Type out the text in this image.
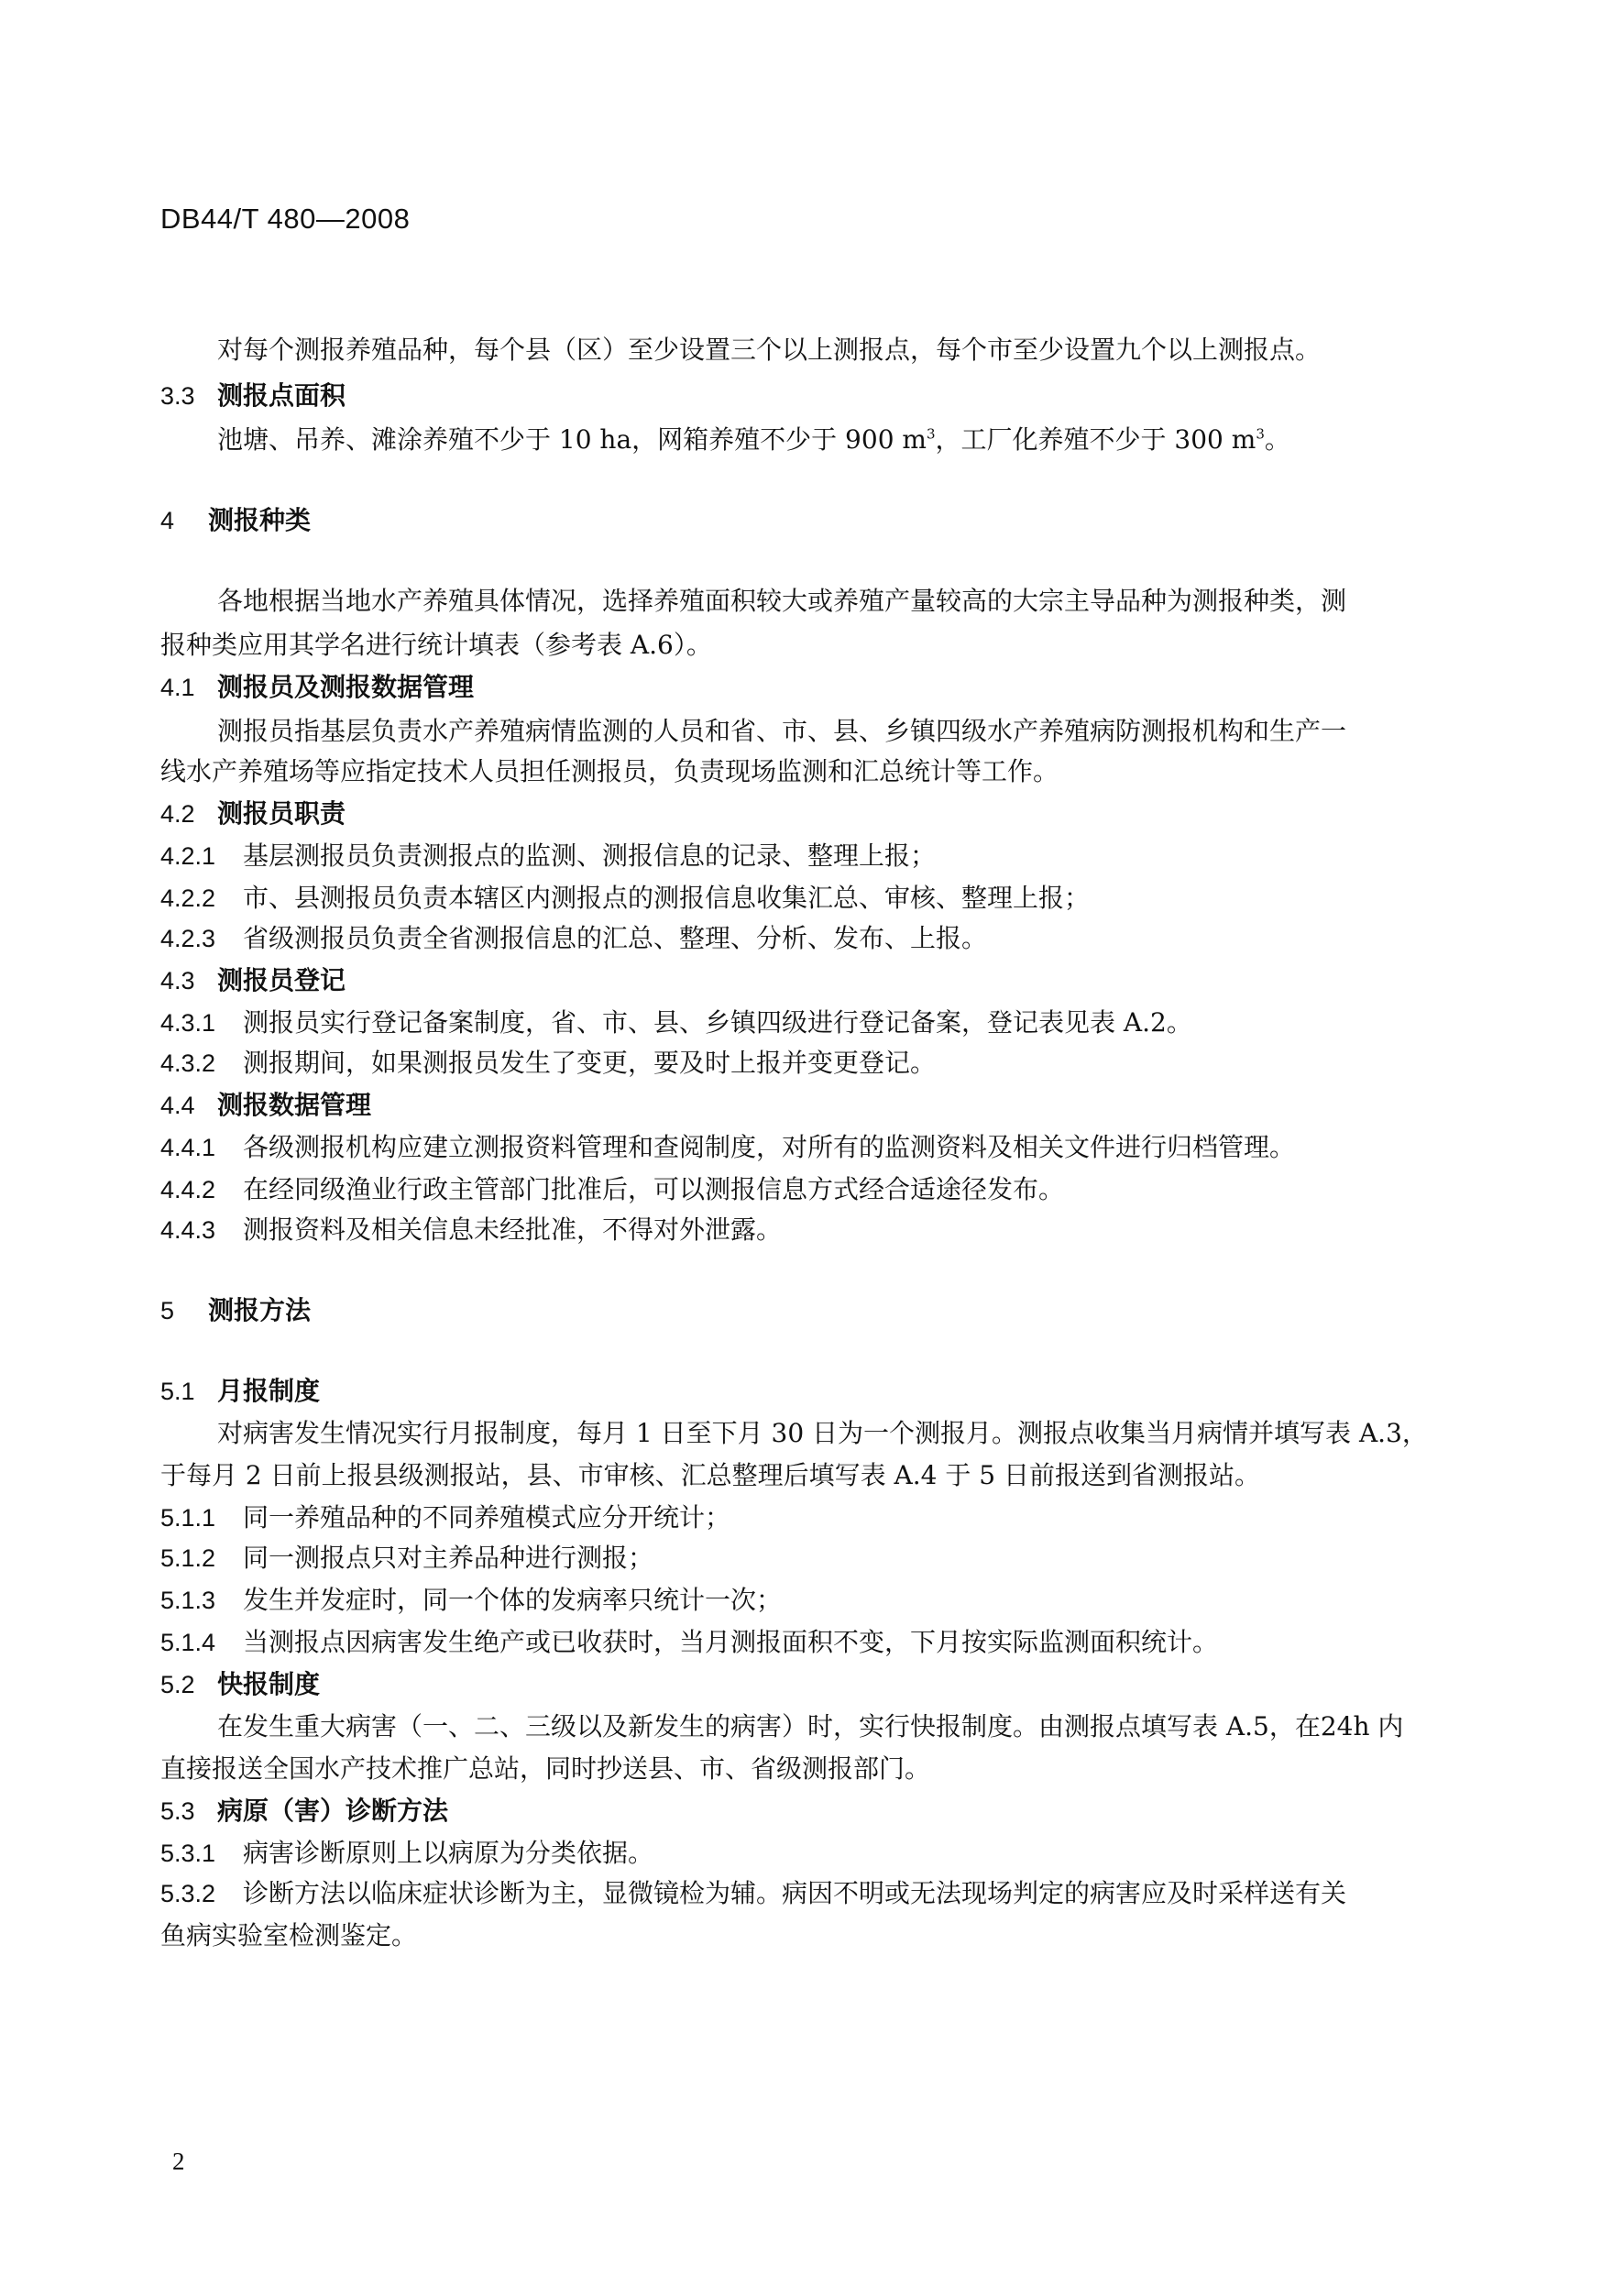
DB44/T 480—2008
对每个测报养殖品种，每个县（区）至少设置三个以上测报点，每个市至少设置九个以上测报点。
3.3 测报点面积
池塘、吊养、滩涂养殖不少于 10 ha，网箱养殖不少于 900 $m^3$，工厂化养殖不少于 300 $m^3$。
4 测报种类
各地根据当地水产养殖具体情况，选择养殖面积较大或养殖产量较高的大宗主导品种为测报种类，测
报种类应用其学名进行统计填表（参考表 A.6）。
4.1 测报员及测报数据管理
测报员指基层负责水产养殖病情监测的人员和省、市、县、乡镇四级水产养殖病防测报机构和生产一
线水产养殖场等应指定技术人员担任测报员，负责现场监测和汇总统计等工作。
4.2 测报员职责
4.2.1 基层测报员负责测报点的监测、测报信息的记录、整理上报；
4.2.2 市、县测报员负责本辖区内测报点的测报信息收集汇总、审核、整理上报；
4.2.3 省级测报员负责全省测报信息的汇总、整理、分析、发布、上报。
4.3 测报员登记
4.3.1 测报员实行登记备案制度，省、市、县、乡镇四级进行登记备案，登记表见表 A.2。
4.3.2 测报期间，如果测报员发生了变更，要及时上报并变更登记。
4.4 测报数据管理
4.4.1 各级测报机构应建立测报资料管理和查阅制度，对所有的监测资料及相关文件进行归档管理。
4.4.2 在经同级渔业行政主管部门批准后，可以测报信息方式经合适途径发布。
4.4.3 测报资料及相关信息未经批准，不得对外泄露。
5 测报方法
5.1 月报制度
对病害发生情况实行月报制度，每月 1 日至下月 30 日为一个测报月。测报点收集当月病情并填写表 A.3，
于每月 2 日前上报县级测报站，县、市审核、汇总整理后填写表 A.4 于 5 日前报送到省测报站。
5.1.1 同一养殖品种的不同养殖模式应分开统计；
5.1.2 同一测报点只对主养品种进行测报；
5.1.3 发生并发症时，同一个体的发病率只统计一次；
5.1.4 当测报点因病害发生绝产或已收获时，当月测报面积不变，下月按实际监测面积统计。
5.2 快报制度
在发生重大病害（一、二、三级以及新发生的病害）时，实行快报制度。由测报点填写表 A.5，在24h 内
直接报送全国水产技术推广总站，同时抄送县、市、省级测报部门。
5.3 病原（害）诊断方法
5.3.1 病害诊断原则上以病原为分类依据。
5.3.2 诊断方法以临床症状诊断为主，显微镜检为辅。病因不明或无法现场判定的病害应及时采样送有关
鱼病实验室检测鉴定。
2
